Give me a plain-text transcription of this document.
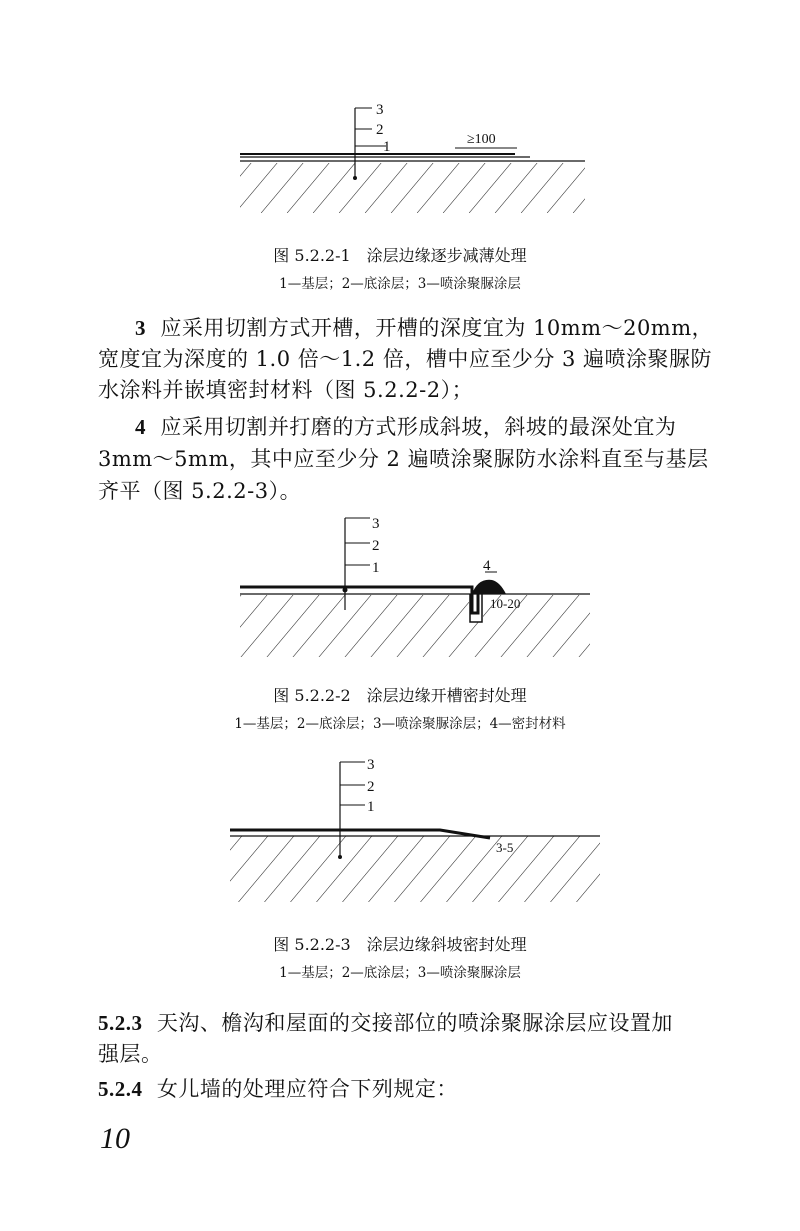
3
2
1	≥100
图 5.2.2-1　涂层边缘逐步减薄处理
1—基层；2—底涂层；3—喷涂聚脲涂层
3 应采用切割方式开槽，开槽的深度宜为 10mm～20mm，
宽度宜为深度的 1.0 倍～1.2 倍，槽中应至少分 3 遍喷涂聚脲防
水涂料并嵌填密封材料（图 5.2.2-2）；
4 应采用切割并打磨的方式形成斜坡，斜坡的最深处宜为
3mm～5mm，其中应至少分 2 遍喷涂聚脲防水涂料直至与基层
齐平（图 5.2.2-3）。
3
2
1	4
10-20
图 5.2.2-2　涂层边缘开槽密封处理
1—基层；2—底涂层；3—喷涂聚脲涂层；4—密封材料
3
2
1
3-5
图 5.2.2-3　涂层边缘斜坡密封处理
1—基层；2—底涂层；3—喷涂聚脲涂层
5.2.3 天沟、檐沟和屋面的交接部位的喷涂聚脲涂层应设置加
强层。
5.2.4 女儿墙的处理应符合下列规定：
10
